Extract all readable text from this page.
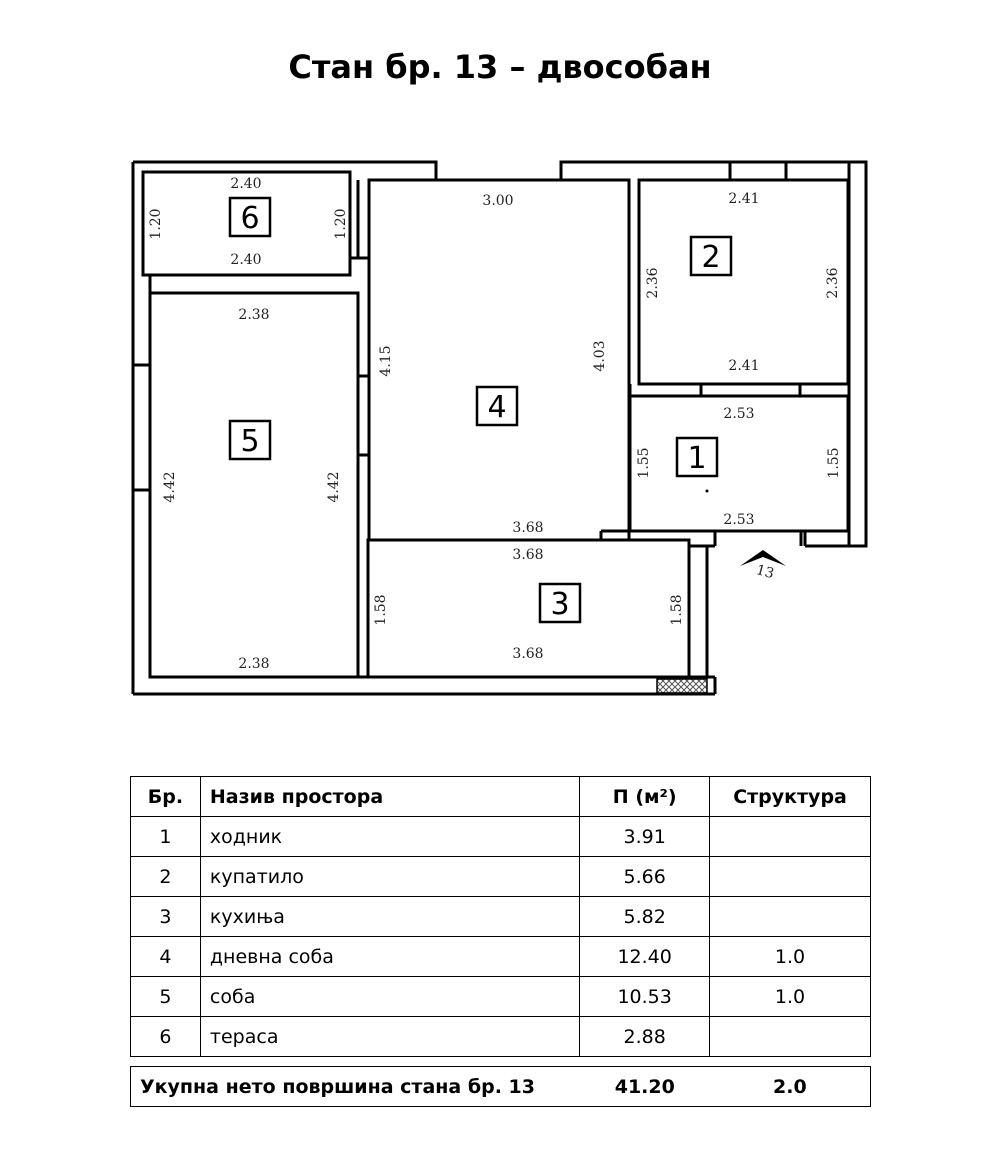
Стан бр. 13 – двособан
6
2
4
5	1
3
2.40
2.40
1.20	1.20
2.38
2.38
4.42	4.42
3.00
3.68
4.15	4.03
2.41
2.41
2.36	2.36
2.53
2.53
1.55	1.55
3.68
3.68
1.58	1.58
13
Бр.	Назив простора	П (м²)	Структура
1	ходник	3.91	
2	купатило	5.66	
3	кухиња	5.82	
4	дневна соба	12.40	1.0
5	соба	10.53	1.0
6	тераса	2.88	
Укупна нето површина стана бр. 13	41.20	2.0
